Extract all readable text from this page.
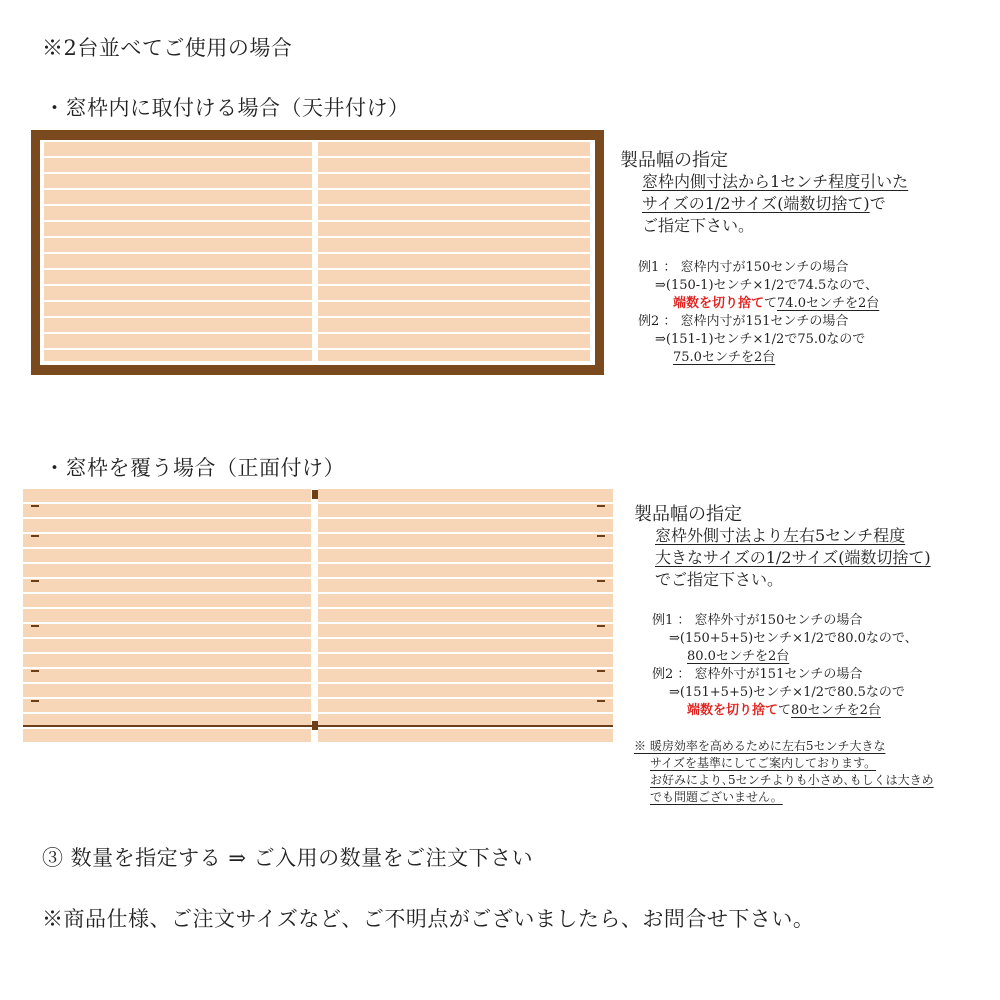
※2台並べてご使用の場合
・窓枠内に取付ける場合（天井付け）
製品幅の指定
窓枠内側寸法から1センチ程度引いた
サイズの1/2サイズ(端数切捨て)で
ご指定下さい。
例1 ： 窓枠内寸が150センチの場合
⇒(150-1)センチ×1/2で74.5なので、
端数を切り捨てて74.0センチを2台
例2 ： 窓枠内寸が151センチの場合
⇒(151-1)センチ×1/2で75.0なので
75.0センチを2台
・窓枠を覆う場合（正面付け）
製品幅の指定
窓枠外側寸法より左右5センチ程度
大きなサイズの1/2サイズ(端数切捨て)
でご指定下さい。
例1 ： 窓枠外寸が150センチの場合
⇒(150+5+5)センチ×1/2で80.0なので、
80.0センチを2台
例2 ： 窓枠外寸が151センチの場合
⇒(151+5+5)センチ×1/2で80.5なので
端数を切り捨てて80センチを2台
※ 暖房効率を高めるために左右5センチ大きな
サイズを基準にしてご案内しております。
お好みにより､5センチよりも小さめ､もしくは大きめ
でも問題ございません。
③ 数量を指定する ⇒ ご入用の数量をご注文下さい
※商品仕様、ご注文サイズなど、ご不明点がございましたら、お問合せ下さい。
